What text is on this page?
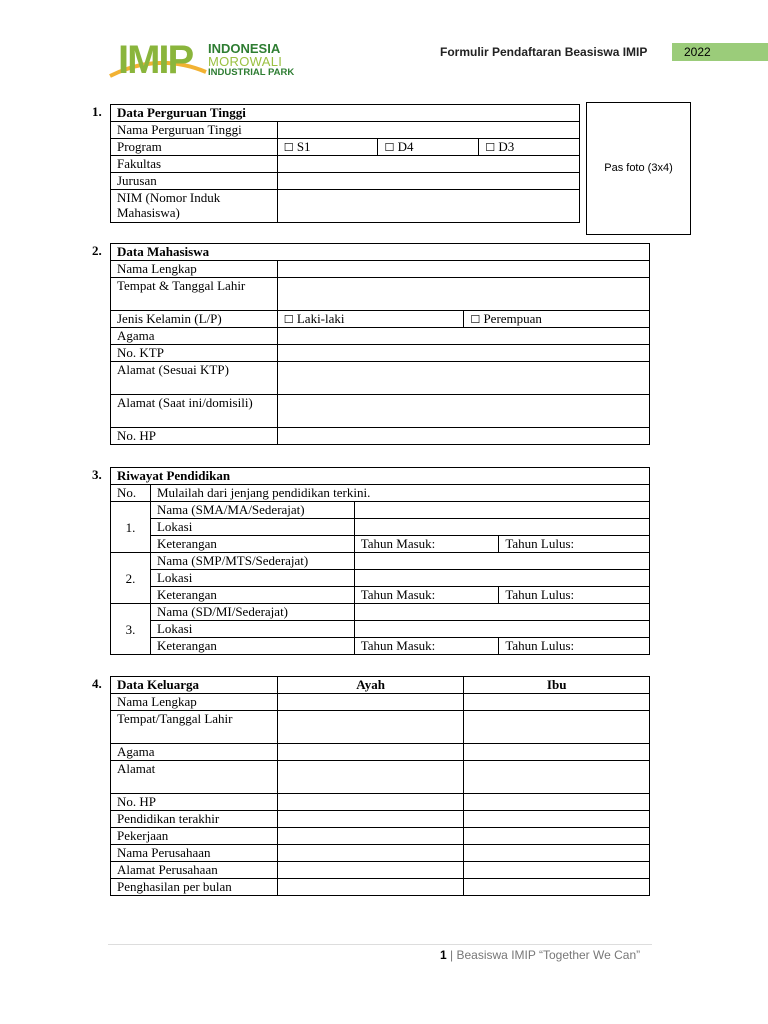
IMIP INDONESIA
MOROWALI
INDUSTRIAL PARK
Formulir Pendaftaran Beasiswa IMIP	2022
1. Data Perguruan Tinggi			
Nama Perguruan Tinggi			
Program	☐ S1	☐ D4	☐ D3
Fakultas			
Jurusan			
NIM (Nomor Induk Mahasiswa)			
Pas foto (3x4)
2. Data Mahasiswa		
Nama Lengkap		
Tempat & Tanggal Lahir		
Jenis Kelamin (L/P)	☐ Laki-laki	☐ Perempuan
Agama		
No. KTP		
Alamat (Sesuai KTP)		
Alamat (Saat ini/domisili)		
No. HP		
3. Riwayat Pendidikan			
No.	Mulailah dari jenjang pendidikan terkini.		
1.	Nama (SMA/MA/Sederajat)		
	Lokasi		
	Keterangan	Tahun Masuk:	Tahun Lulus:
2.	Nama (SMP/MTS/Sederajat)		
	Lokasi		
	Keterangan	Tahun Masuk:	Tahun Lulus:
3.	Nama (SD/MI/Sederajat)		
	Lokasi		
	Keterangan	Tahun Masuk:	Tahun Lulus:
4. Data Keluarga	Ayah	Ibu
Nama Lengkap		
Tempat/Tanggal Lahir		
Agama		
Alamat		
No. HP		
Pendidikan terakhir		
Pekerjaan		
Nama Perusahaan		
Alamat Perusahaan		
Penghasilan per bulan		
1 | Beasiswa IMIP “Together We Can”
